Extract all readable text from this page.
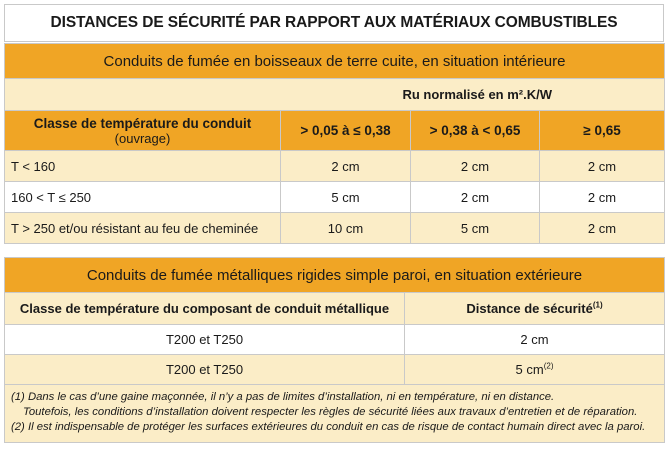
DISTANCES DE SÉCURITÉ PAR RAPPORT AUX MATÉRIAUX COMBUSTIBLES
Conduits de fumée en boisseaux de terre cuite, en situation intérieure			
Ru normalisé en m².K/W			

Classe de température du conduit
(ouvrage)	> 0,05 à ≤ 0,38	> 0,38 à < 0,65	≥ 0,65
T < 160	2 cm	2 cm	2 cm
160 < T ≤ 250	5 cm	2 cm	2 cm
T > 250 et/ou résistant au feu de cheminée	10 cm	5 cm	2 cm
Conduits de fumée métalliques rigides simple paroi, en situation extérieure	
Classe de température du composant de conduit métallique	Distance de sécurité$^{(1)}$
T200 et T250	2 cm
T200 et T250	5 $cm^{(2)}$

(1) Dans le cas d’une gaine maçonnée, il n’y a pas de limites d’installation, ni en température, ni en distance.
Toutefois, les conditions d’installation doivent respecter les règles de sécurité liées aux travaux d’entretien et de réparation.
(2) Il est indispensable de protéger les surfaces extérieures du conduit en cas de risque de contact humain direct avec la paroi.	
